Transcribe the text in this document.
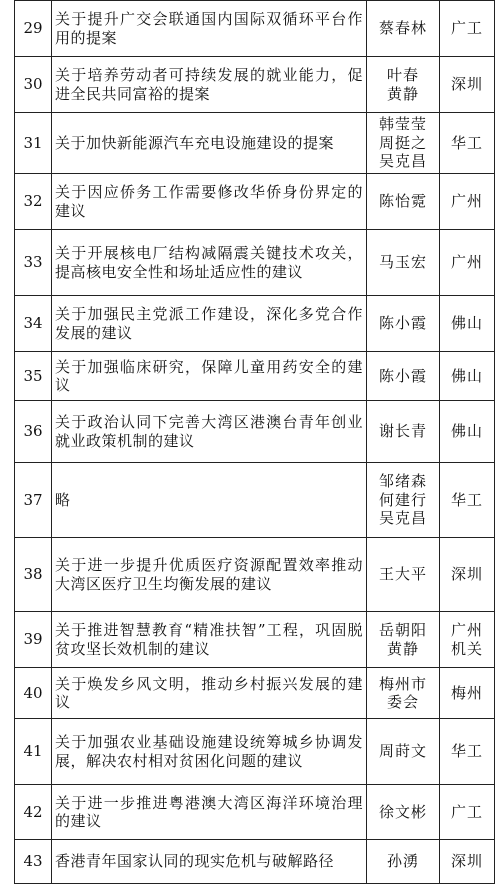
29	关于提升广交会联通国内国际双循环平台作用的提案	蔡春林	广工

30	关于培养劳动者可持续发展的就业能力，促进全民共同富裕的提案	叶春
黄静	深圳

31	关于加快新能源汽车充电设施建设的提案	韩莹莹
周挺之
吴克昌	华工

32	关于因应侨务工作需要修改华侨身份界定的建议	陈怡霓	广州

33	关于开展核电厂结构减隔震关键技术攻关，提高核电安全性和场址适应性的建议	马玉宏	广州

34	关于加强民主党派工作建设，深化多党合作发展的建议	陈小霞	佛山

35	关于加强临床研究，保障儿童用药安全的建议	陈小霞	佛山

36	关于政治认同下完善大湾区港澳台青年创业就业政策机制的建议	谢长青	佛山

37	略	邹绪森
何建行
吴克昌	华工

38	关于进一步提升优质医疗资源配置效率推动大湾区医疗卫生均衡发展的建议	王大平	深圳

39	关于推进智慧教育“精准扶智”工程，巩固脱贫攻坚长效机制的建议	岳朝阳
黄静	广州
机关

40	关于焕发乡风文明，推动乡村振兴发展的建议	梅州市
委会	梅州

41	关于加强农业基础设施建设统筹城乡协调发展，解决农村相对贫困化问题的建议	周莳文	华工

42	关于进一步推进粤港澳大湾区海洋环境治理的建议	徐文彬	广工

43	香港青年国家认同的现实危机与破解路径	孙湧	深圳
